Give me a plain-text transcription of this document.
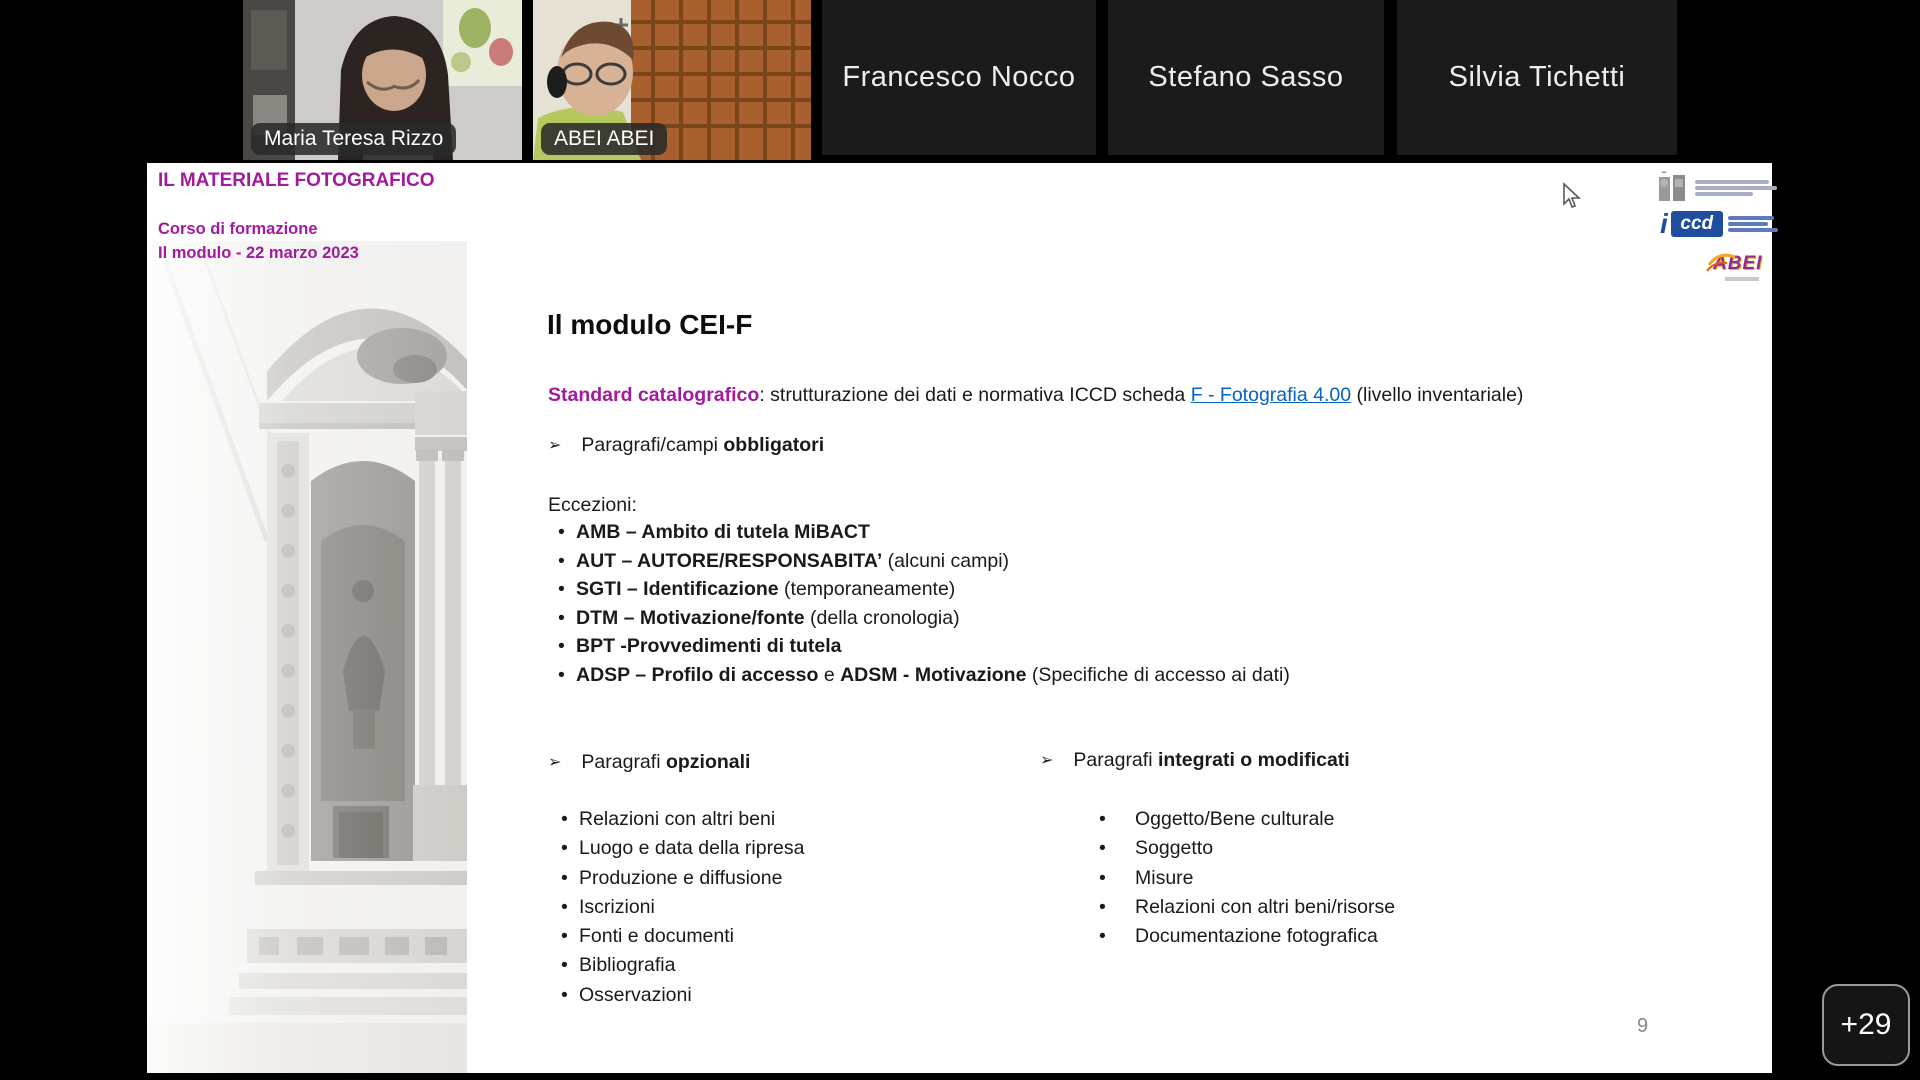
Maria Teresa Rizzo	ABEI ABEI
Francesco Nocco	Stefano Sasso	Silvia Tichetti
IL MATERIALE FOTOGRAFICO
Corso di formazione
Il modulo - 22 marzo 2023
Il modulo CEI-F
Standard catalografico: strutturazione dei dati e normativa ICCD scheda F - Fotografia 4.00 (livello inventariale)
➢ Paragrafi/campi obbligatori
Eccezioni:
• AMB – Ambito di tutela MiBACT
• AUT – AUTORE/RESPONSABITA’ (alcuni campi)
• SGTI – Identificazione (temporaneamente)
• DTM – Motivazione/fonte (della cronologia)
• BPT -Provvedimenti di tutela
• ADSP – Profilo di accesso e ADSM - Motivazione (Specifiche di accesso ai dati)
➢ Paragrafi opzionali
• Relazioni con altri beni
• Luogo e data della ripresa
• Produzione e diffusione
• Iscrizioni
• Fonti e documenti
• Bibliografia
• Osservazioni
➢ Paragrafi integrati o modificati
• Oggetto/Bene culturale
• Soggetto
• Misure
• Relazioni con altri beni/risorse
• Documentazione fotografica
i ccd
ABEI
9	+29
